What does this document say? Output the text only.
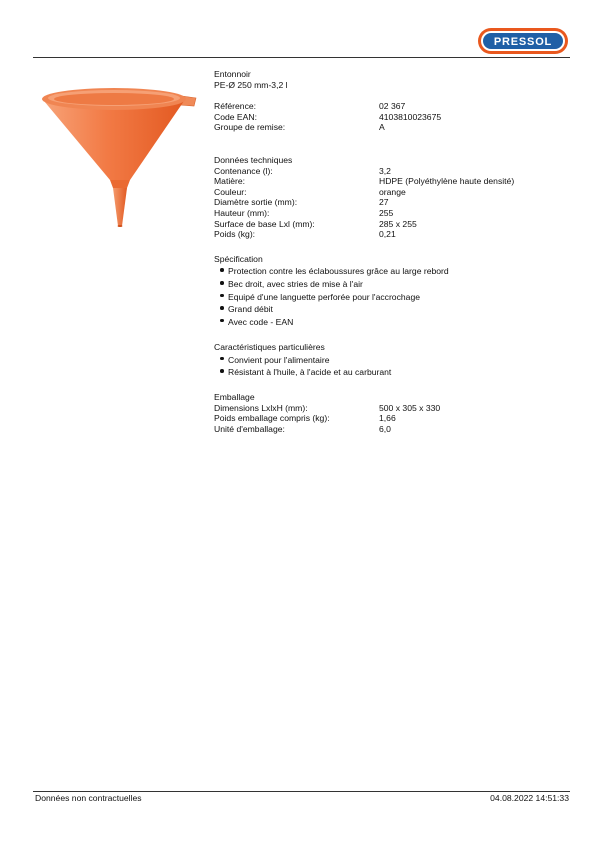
PRESSOL
Entonnoir
PE-Ø 250 mm-3,2 l
Référence:	02 367
Code EAN:	4103810023675
Groupe de remise:	A
Données techniques
Contenance (l):	3,2
Matière:	HDPE (Polyéthylène haute densité)
Couleur:	orange
Diamètre sortie (mm):	27
Hauteur (mm):	255
Surface de base Lxl (mm):	285 x 255
Poids (kg):	0,21
Spécification
Protection contre les éclaboussures grâce au large rebord
Bec droit, avec stries de mise à l'air
Equipé d'une languette perforée pour l'accrochage
Grand débit
Avec code - EAN
Caractéristiques particulières
Convient pour l'alimentaire
Résistant à l'huile, à l'acide et au carburant
Emballage
Dimensions LxlxH (mm):	500 x 305 x 330
Poids emballage compris (kg):	1,66
Unité d'emballage:	6,0
Données non contractuelles	04.08.2022 14:51:33
